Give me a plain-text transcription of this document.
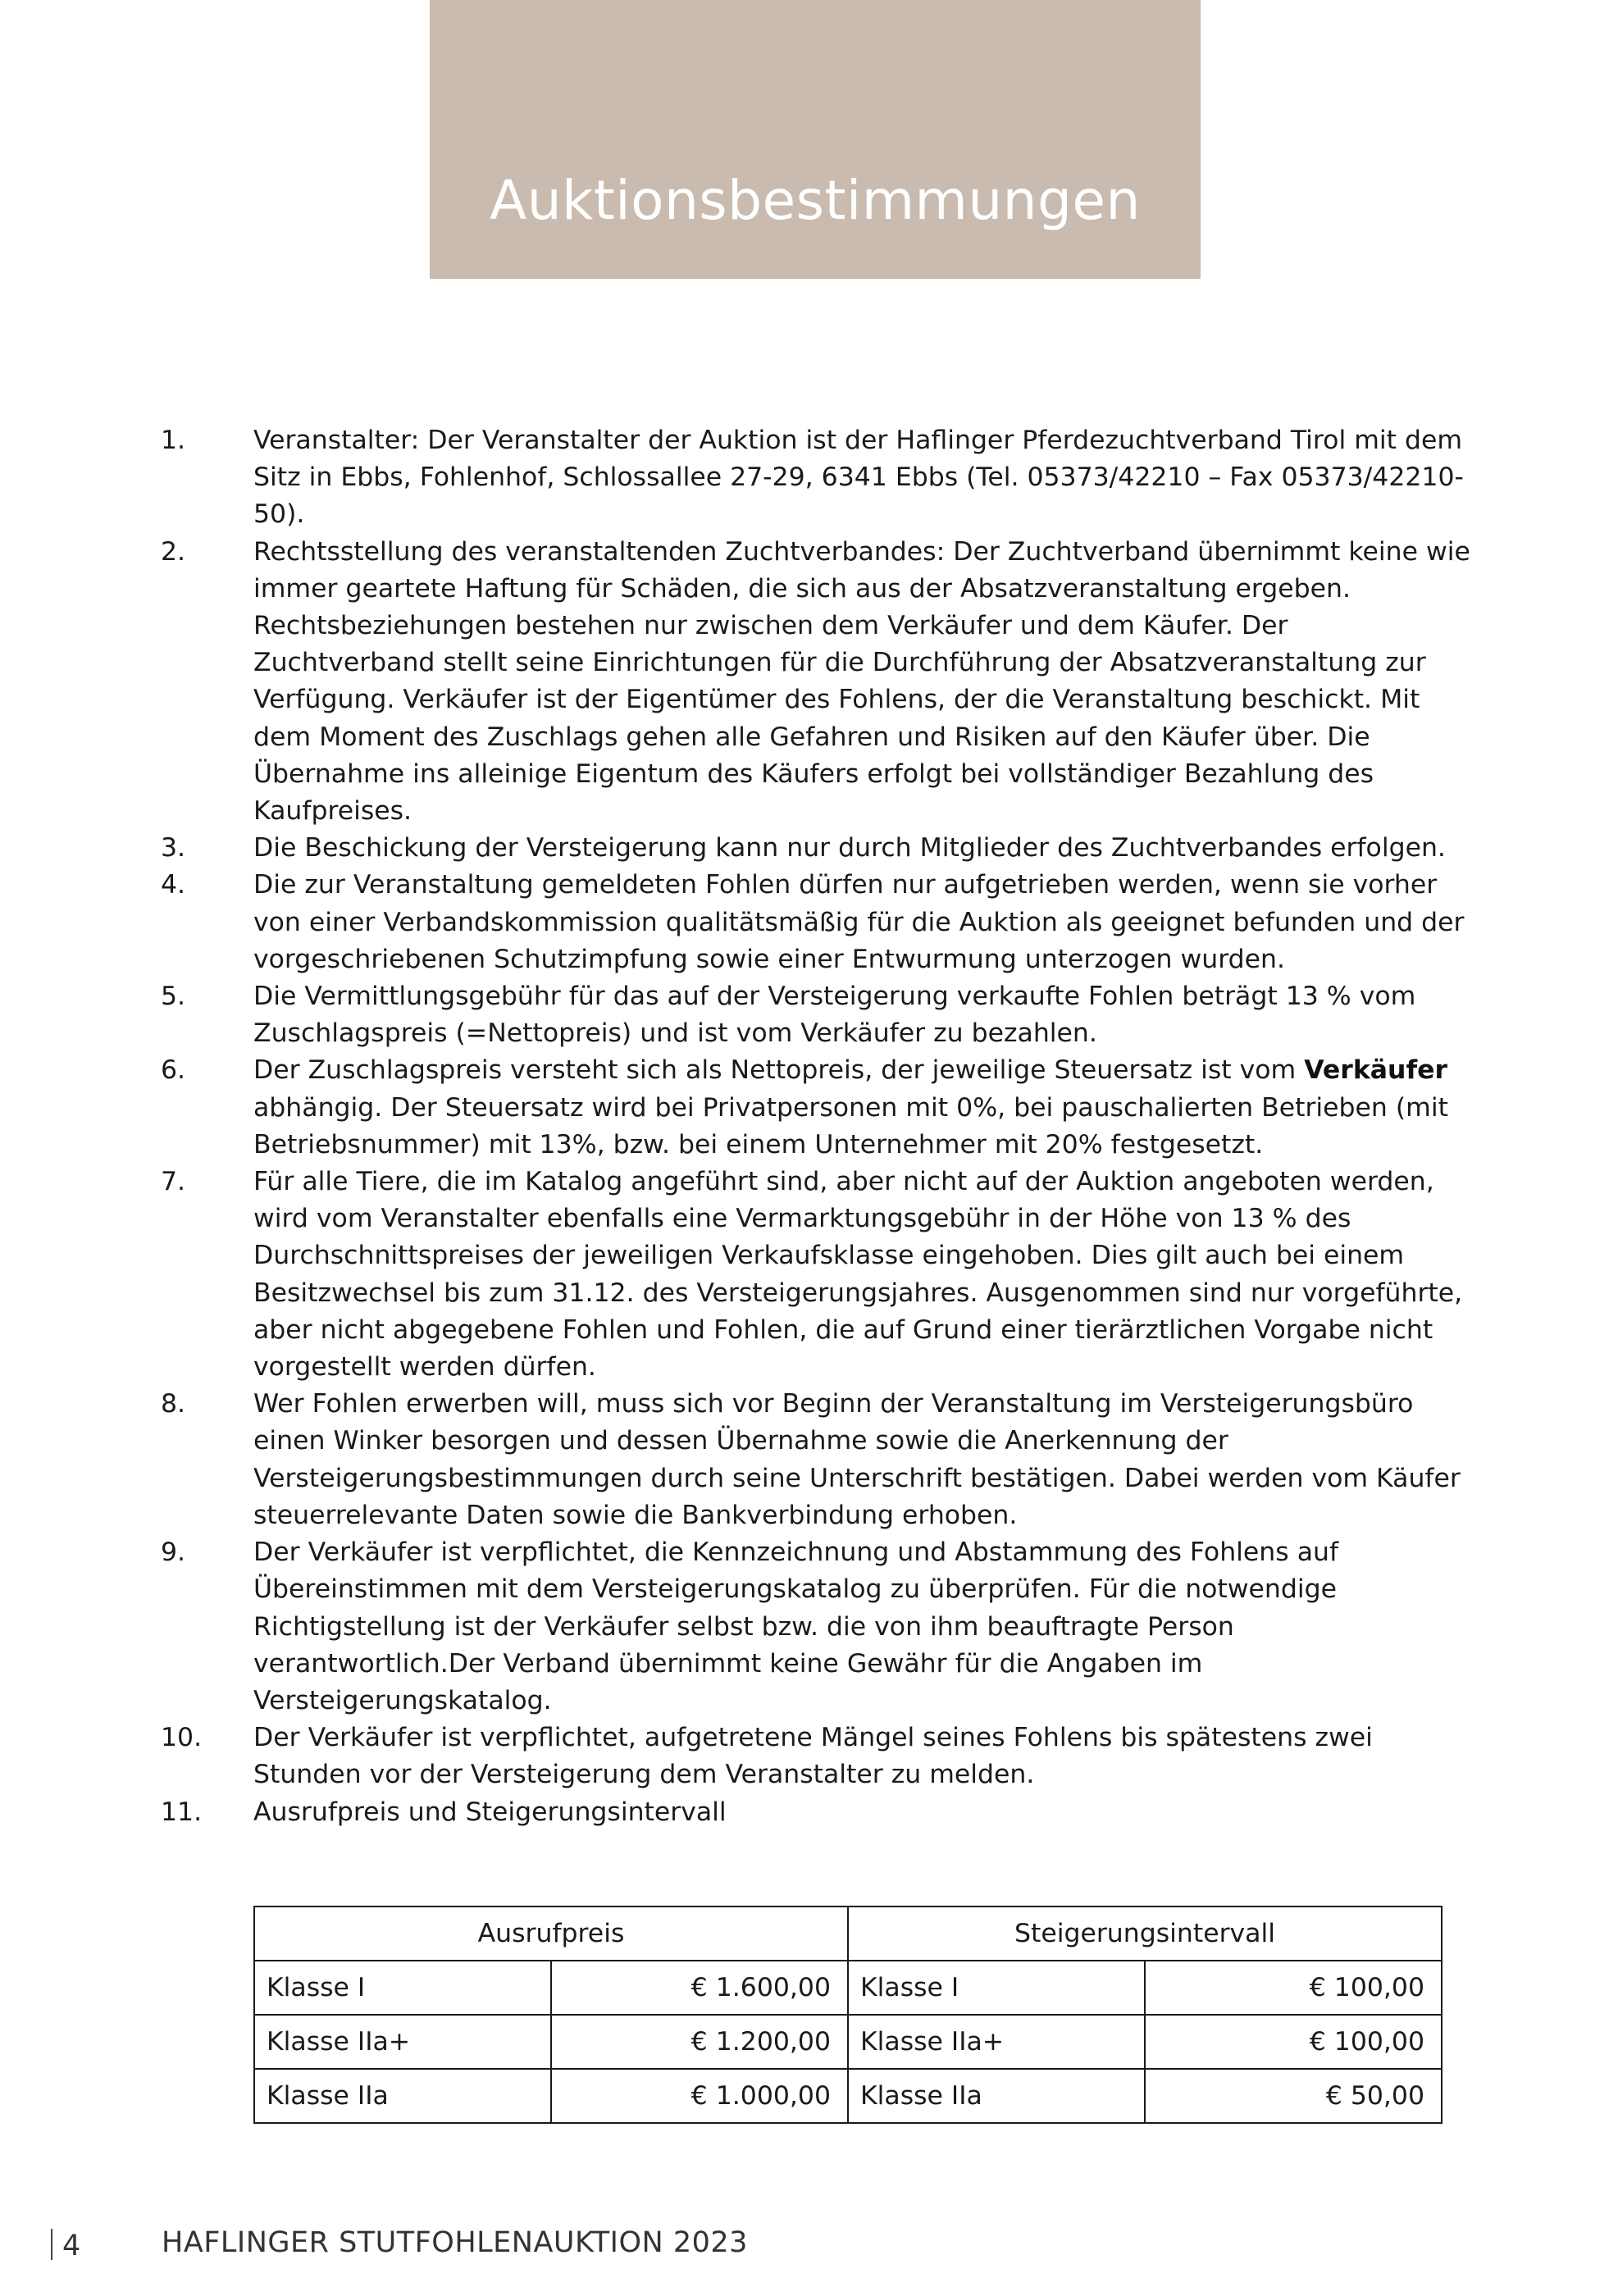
Auktionsbestimmungen
1.	Veranstalter: Der Veranstalter der Auktion ist der Haflinger Pferdezuchtverband Tirol mit dem Sitz in Ebbs, Fohlenhof, Schlossallee 27-29, 6341 Ebbs (Tel. 05373/42210 – Fax 05373/42210-50).
2.	Rechtsstellung des veranstaltenden Zuchtverbandes: Der Zuchtverband übernimmt keine wie immer geartete Haftung für Schäden, die sich aus der Absatzveranstaltung ergeben. Rechtsbeziehungen bestehen nur zwischen dem Verkäufer und dem Käufer. Der Zuchtverband stellt seine Einrichtungen für die Durchführung der Absatzveranstaltung zur Verfügung. Verkäufer ist der Eigentümer des Fohlens, der die Veranstaltung beschickt. Mit dem Moment des Zuschlags gehen alle Gefahren und Risiken auf den Käufer über. Die Übernahme ins alleinige Eigentum des Käufers erfolgt bei vollständiger Bezahlung des Kaufpreises.
3.	Die Beschickung der Versteigerung kann nur durch Mitglieder des Zuchtverbandes erfolgen.
4.	Die zur Veranstaltung gemeldeten Fohlen dürfen nur aufgetrieben werden, wenn sie vorher von einer Verbandskommission qualitätsmäßig für die Auktion als geeignet befunden und der vorgeschriebenen Schutzimpfung sowie einer Entwurmung unterzogen wurden.
5.	Die Vermittlungsgebühr für das auf der Versteigerung verkaufte Fohlen beträgt 13 % vom Zuschlagspreis (=Nettopreis) und ist vom Verkäufer zu bezahlen.
6.	Der Zuschlagspreis versteht sich als Nettopreis, der jeweilige Steuersatz ist vom Verkäufer abhängig. Der Steuersatz wird bei Privatpersonen mit 0%, bei pauschalierten Betrieben (mit Betriebsnummer) mit 13%, bzw. bei einem Unternehmer mit 20% festgesetzt.
7.	Für alle Tiere, die im Katalog angeführt sind, aber nicht auf der Auktion angeboten werden, wird vom Veranstalter ebenfalls eine Vermarktungsgebühr in der Höhe von 13 % des Durchschnittspreises der jeweiligen Verkaufsklasse eingehoben. Dies gilt auch bei einem Besitzwechsel bis zum 31.12. des Versteigerungsjahres. Ausgenommen sind nur vorgeführte, aber nicht abgegebene Fohlen und Fohlen, die auf Grund einer tierärztlichen Vorgabe nicht vorgestellt werden dürfen.
8.	Wer Fohlen erwerben will, muss sich vor Beginn der Veranstaltung im Versteigerungsbüro einen Winker besorgen und dessen Übernahme sowie die Anerkennung der Versteigerungsbestimmungen durch seine Unterschrift bestätigen. Dabei werden vom Käufer steuerrelevante Daten sowie die Bankverbindung erhoben.
9.	Der Verkäufer ist verpflichtet, die Kennzeichnung und Abstammung des Fohlens auf Übereinstimmen mit dem Versteigerungskatalog zu überprüfen. Für die notwendige Richtigstellung ist der Verkäufer selbst bzw. die von ihm beauftragte Person verantwortlich.Der Verband übernimmt keine Gewähr für die Angaben im Versteigerungskatalog.
10. Der Verkäufer ist verpflichtet, aufgetretene Mängel seines Fohlens bis spätestens zwei Stunden vor der Versteigerung dem Veranstalter zu melden.
11. Ausrufpreis und Steigerungsintervall
Ausrufpreis		Steigerungsintervall	
Klasse I	€ 1.600,00	Klasse I	€ 100,00
Klasse IIa+	€ 1.200,00	Klasse IIa+	€ 100,00
Klasse IIa	€ 1.000,00	Klasse IIa	€ 50,00
4	HAFLINGER STUTFOHLENAUKTION 2023
